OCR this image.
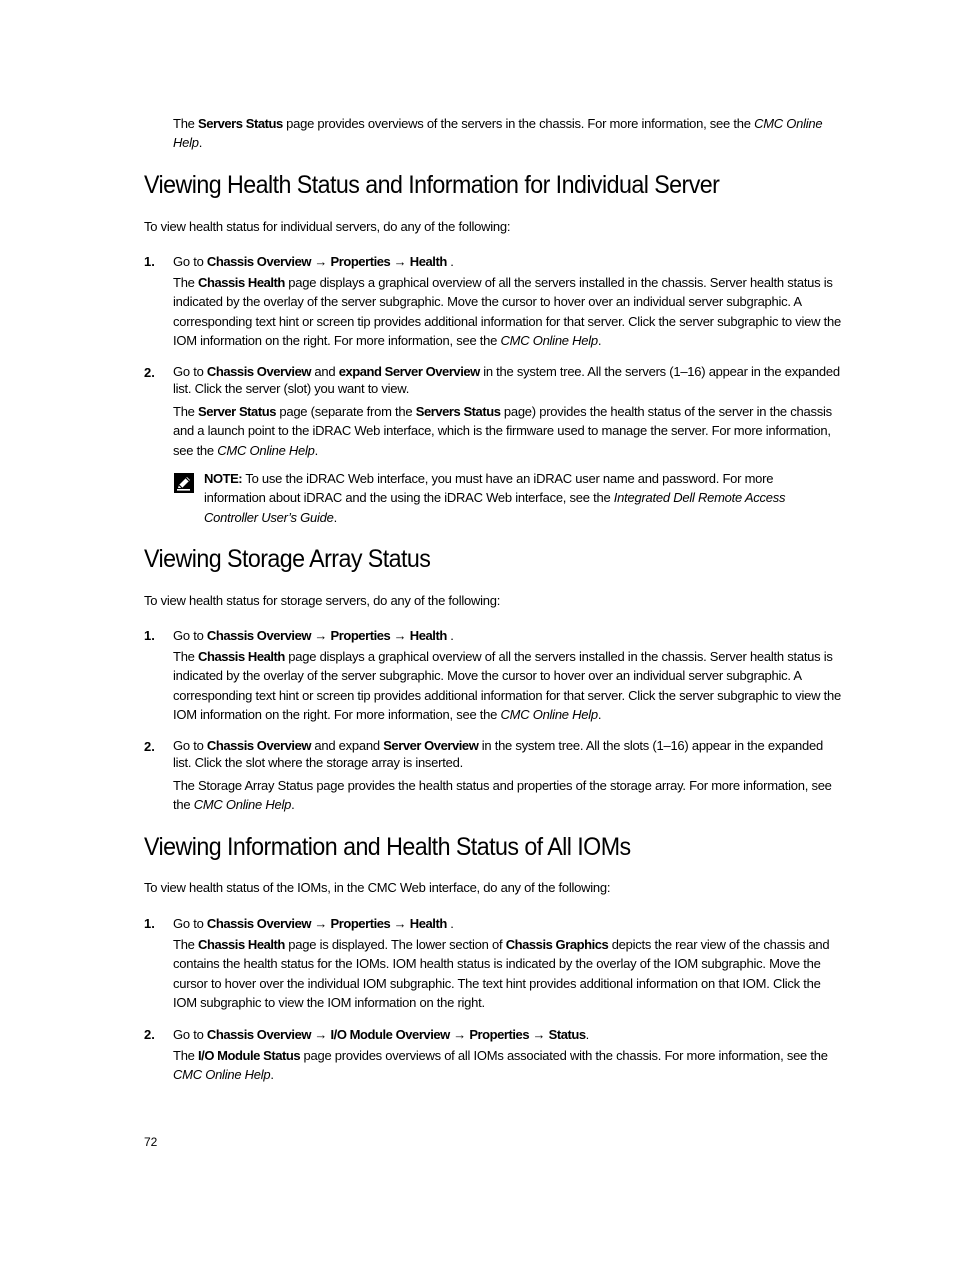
The Servers Status page provides overviews of the servers in the chassis. For more information, see the CMC Online Help.

Viewing Health Status and Information for Individual Server

To view health status for individual servers, do any of the following:

1. Go to Chassis Overview → Properties → Health .

The Chassis Health page displays a graphical overview of all the servers installed in the chassis. Server health status is indicated by the overlay of the server subgraphic. Move the cursor to hover over an individual server subgraphic. A corresponding text hint or screen tip provides additional information for that server. Click the server subgraphic to view the IOM information on the right. For more information, see the CMC Online Help.

2. Go to Chassis Overview and expand Server Overview in the system tree. All the servers (1–16) appear in the expanded list. Click the server (slot) you want to view.

The Server Status page (separate from the Servers Status page) provides the health status of the server in the chassis and a launch point to the iDRAC Web interface, which is the firmware used to manage the server. For more information, see the CMC Online Help.

NOTE: To use the iDRAC Web interface, you must have an iDRAC user name and password. For more information about iDRAC and the using the iDRAC Web interface, see the Integrated Dell Remote Access Controller User’s Guide.

Viewing Storage Array Status

To view health status for storage servers, do any of the following:

1. Go to Chassis Overview → Properties → Health .

The Chassis Health page displays a graphical overview of all the servers installed in the chassis. Server health status is indicated by the overlay of the server subgraphic. Move the cursor to hover over an individual server subgraphic. A corresponding text hint or screen tip provides additional information for that server. Click the server subgraphic to view the IOM information on the right. For more information, see the CMC Online Help.

2. Go to Chassis Overview and expand Server Overview in the system tree. All the slots (1–16) appear in the expanded list. Click the slot where the storage array is inserted.

The Storage Array Status page provides the health status and properties of the storage array. For more information, see the CMC Online Help.

Viewing Information and Health Status of All IOMs

To view health status of the IOMs, in the CMC Web interface, do any of the following:

1. Go to Chassis Overview → Properties → Health .

The Chassis Health page is displayed. The lower section of Chassis Graphics depicts the rear view of the chassis and contains the health status for the IOMs. IOM health status is indicated by the overlay of the IOM subgraphic. Move the cursor to hover over the individual IOM subgraphic. The text hint provides additional information on that IOM. Click the IOM subgraphic to view the IOM information on the right.

2. Go to Chassis Overview → I/O Module Overview → Properties → Status.

The I/O Module Status page provides overviews of all IOMs associated with the chassis. For more information, see the CMC Online Help.

72
